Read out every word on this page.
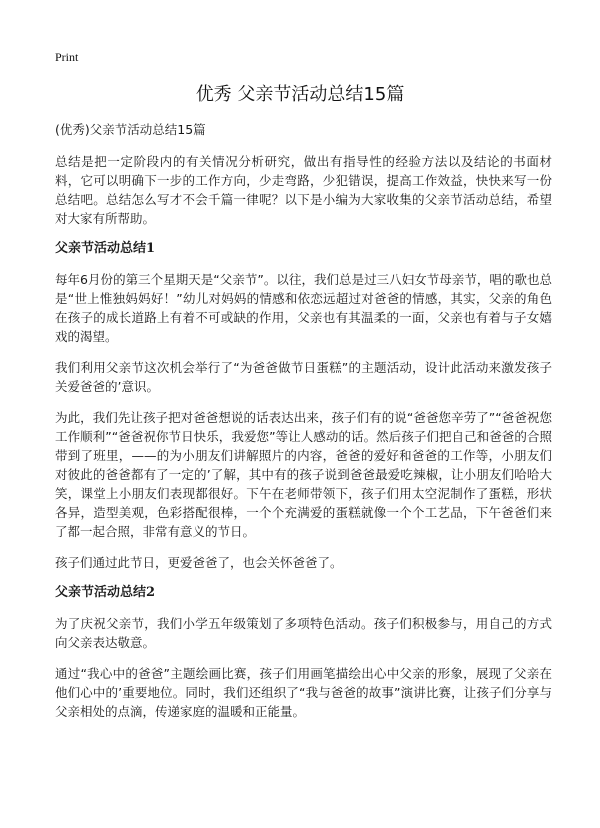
Print
优秀 父亲节活动总结15篇
(优秀)父亲节活动总结15篇

总结是把一定阶段内的有关情况分析研究，做出有指导性的经验方法以及结论的书面材料，它可以明确下一步的工作方向，少走弯路，少犯错误，提高工作效益，快快来写一份总结吧。总结怎么写才不会千篇一律呢？以下是小编为大家收集的父亲节活动总结，希望对大家有所帮助。

父亲节活动总结1

每年6月份的第三个星期天是“父亲节”。以往，我们总是过三八妇女节母亲节，唱的歌也总是“世上惟独妈妈好！”幼儿对妈妈的情感和依恋远超过对爸爸的情感，其实，父亲的角色在孩子的成长道路上有着不可或缺的作用，父亲也有其温柔的一面，父亲也有着与子女嬉戏的渴望。

我们利用父亲节这次机会举行了“为爸爸做节日蛋糕”的主题活动，设计此活动来激发孩子关爱爸爸的’意识。

为此，我们先让孩子把对爸爸想说的话表达出来，孩子们有的说“爸爸您辛劳了”“爸爸祝您工作顺利”“爸爸祝你节日快乐，我爱您”等让人感动的话。然后孩子们把自己和爸爸的合照带到了班里，——的为小朋友们讲解照片的内容，爸爸的爱好和爸爸的工作等，小朋友们对彼此的爸爸都有了一定的’了解，其中有的孩子说到爸爸最爱吃辣椒，让小朋友们哈哈大笑，课堂上小朋友们表现都很好。下午在老师带领下，孩子们用太空泥制作了蛋糕，形状各异，造型美观，色彩搭配很棒，一个个充满爱的蛋糕就像一个个工艺品，下午爸爸们来了都一起合照，非常有意义的节日。

孩子们通过此节日，更爱爸爸了，也会关怀爸爸了。

父亲节活动总结2

为了庆祝父亲节，我们小学五年级策划了多项特色活动。孩子们积极参与，用自己的方式向父亲表达敬意。

通过“我心中的爸爸”主题绘画比赛，孩子们用画笔描绘出心中父亲的形象，展现了父亲在他们心中的’重要地位。同时，我们还组织了“我与爸爸的故事”演讲比赛，让孩子们分享与父亲相处的点滴，传递家庭的温暖和正能量。
